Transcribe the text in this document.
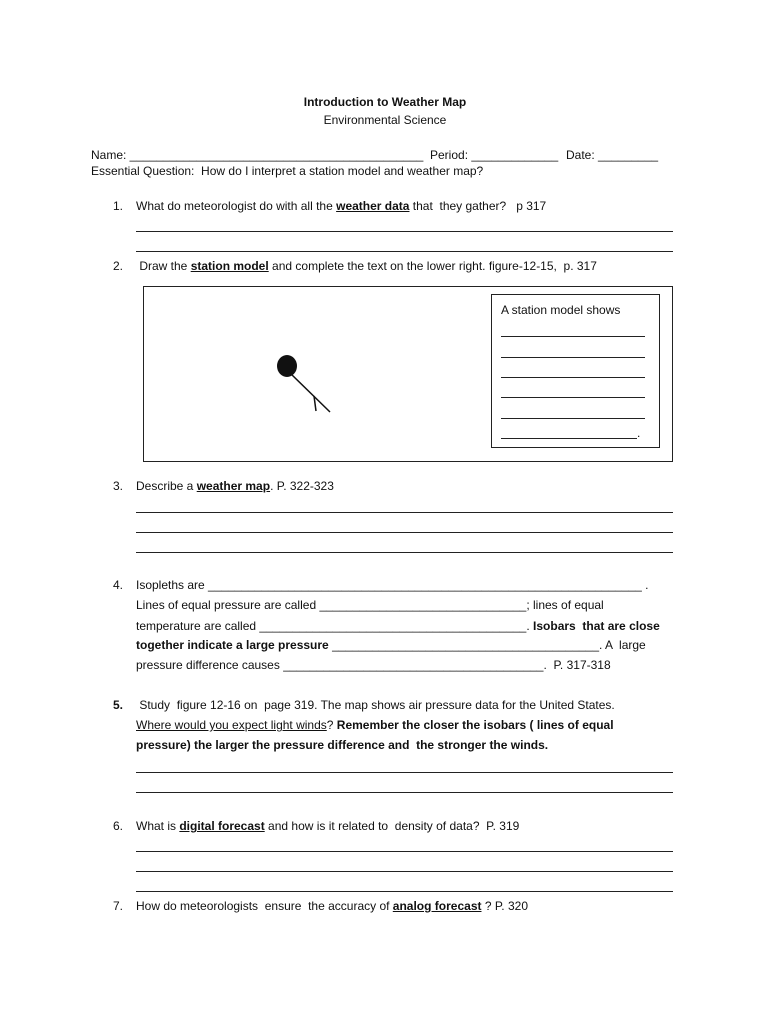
Introduction to Weather Map
Environmental Science
Name: ____________________________________________ Period: _____________ Date: _________
Essential Question:  How do I interpret a station model and weather map?
1. What do meteorologist do with all the weather data that  they gather?   p 317
2. Draw the station model and complete the text on the lower right. figure-12-15,  p. 317
A station model shows
.
3. Describe a weather map. P. 322-323
4. Isopleths are _________________________________________________________________ .
Lines of equal pressure are called _______________________________; lines of equal
temperature are called ________________________________________. Isobars  that are close
together indicate a large pressure ________________________________________. A  large
pressure difference causes _______________________________________.  P. 317-318
5. Study  figure 12-16 on  page 319. The map shows air pressure data for the United States.
Where would you expect light winds? Remember the closer the isobars ( lines of equal
pressure) the larger the pressure difference and  the stronger the winds.
6. What is digital forecast and how is it related to  density of data?  P. 319
7. How do meteorologists  ensure  the accuracy of analog forecast ? P. 320
